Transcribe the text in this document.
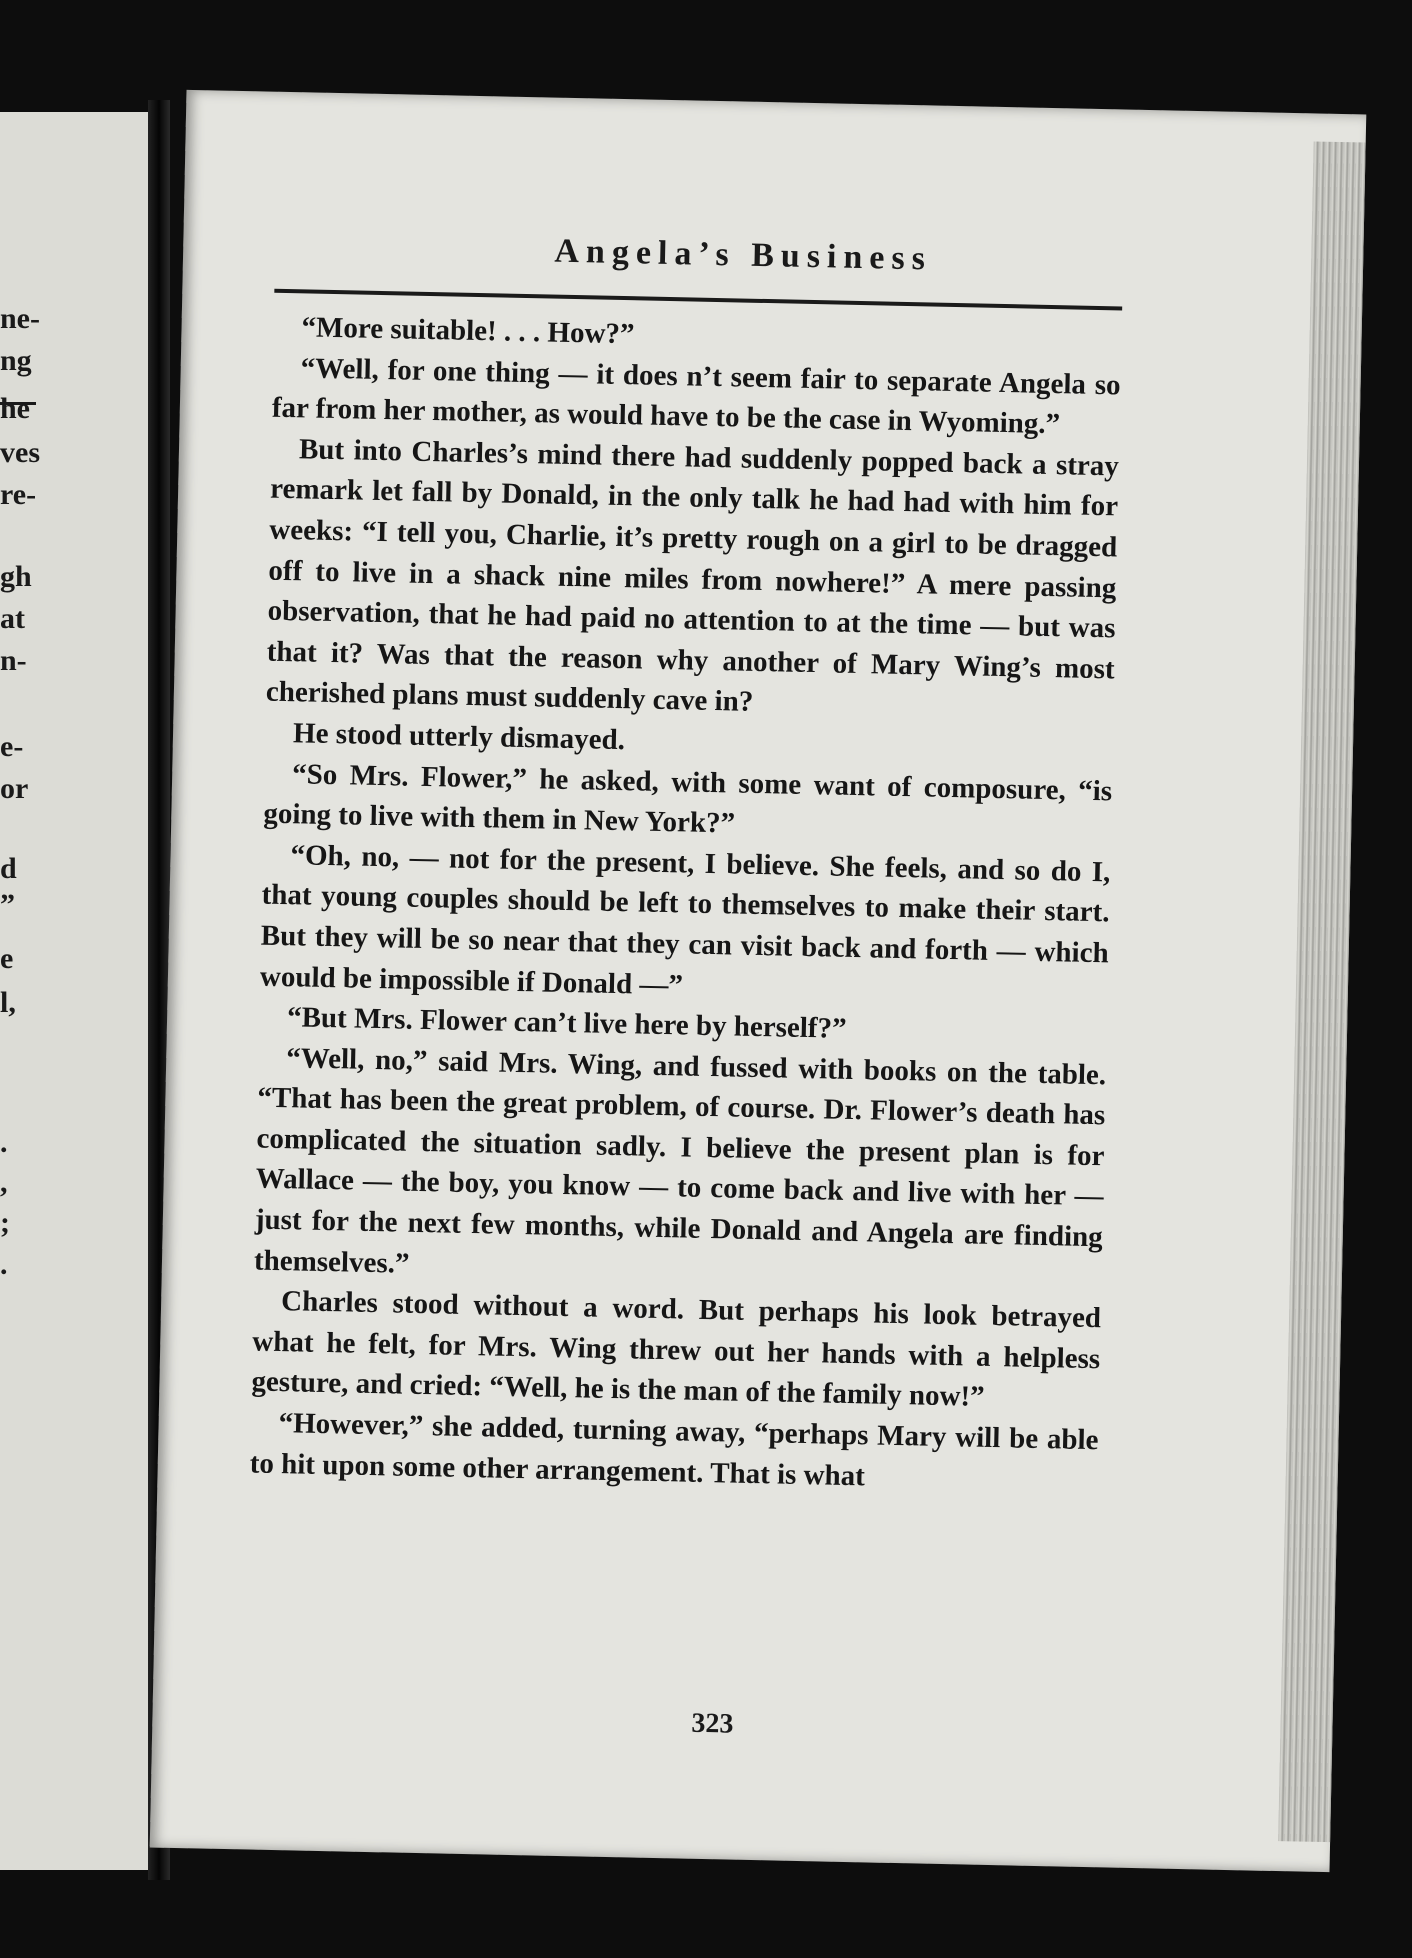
ne-
ng
he
ves
re-
gh
at
n-
e-
or
d
”
e
l,
.
,
;
.
Angela’s Business

“More suitable! . . . How?”

“Well, for one thing — it does n’t seem fair to separate Angela so far from her mother, as would have to be the case in Wyoming.”

But into Charles’s mind there had suddenly popped back a stray remark let fall by Donald, in the only talk he had had with him for weeks: “I tell you, Charlie, it’s pretty rough on a girl to be dragged off to live in a shack nine miles from nowhere!” A mere passing observation, that he had paid no attention to at the time — but was that it? Was that the reason why another of Mary Wing’s most cherished plans must suddenly cave in?

He stood utterly dismayed.

“So Mrs. Flower,” he asked, with some want of composure, “is going to live with them in New York?”

“Oh, no, — not for the present, I believe. She feels, and so do I, that young couples should be left to themselves to make their start. But they will be so near that they can visit back and forth — which would be impossible if Donald —”

“But Mrs. Flower can’t live here by herself?”

“Well, no,” said Mrs. Wing, and fussed with books on the table. “That has been the great problem, of course. Dr. Flower’s death has complicated the situation sadly. I believe the present plan is for Wallace — the boy, you know — to come back and live with her — just for the next few months, while Donald and Angela are finding themselves.”

Charles stood without a word. But perhaps his look betrayed what he felt, for Mrs. Wing threw out her hands with a helpless gesture, and cried: “Well, he is the man of the family now!”

“However,” she added, turning away, “perhaps Mary will be able to hit upon some other arrangement. That is what

323
